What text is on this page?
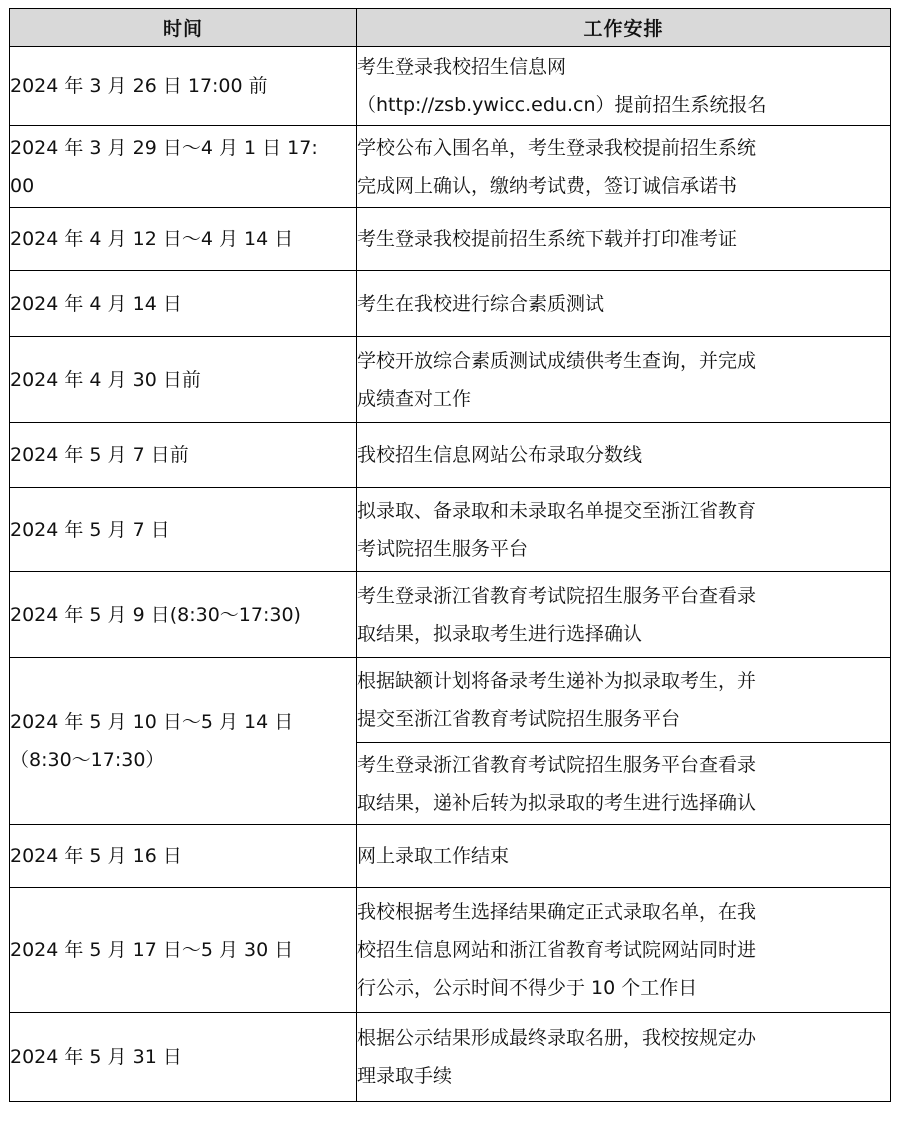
时间	工作安排

2024 年 3 月 26 日 17:00 前	考生登录我校招生信息网
（http://zsb.ywicc.edu.cn）提前招生系统报名

2024 年 3 月 29 日～4 月 1 日 17:
00	学校公布入围名单，考生登录我校提前招生系统
完成网上确认，缴纳考试费，签订诚信承诺书

2024 年 4 月 12 日～4 月 14 日	考生登录我校提前招生系统下载并打印准考证

2024 年 4 月 14 日	考生在我校进行综合素质测试

2024 年 4 月 30 日前	学校开放综合素质测试成绩供考生查询，并完成
成绩查对工作

2024 年 5 月 7 日前	我校招生信息网站公布录取分数线

2024 年 5 月 7 日	拟录取、备录取和未录取名单提交至浙江省教育
考试院招生服务平台

2024 年 5 月 9 日(8:30～17:30)	考生登录浙江省教育考试院招生服务平台查看录
取结果，拟录取考生进行选择确认

2024 年 5 月 10 日～5 月 14 日
（8:30～17:30）	根据缺额计划将备录考生递补为拟录取考生，并
提交至浙江省教育考试院招生服务平台

	考生登录浙江省教育考试院招生服务平台查看录
取结果，递补后转为拟录取的考生进行选择确认

2024 年 5 月 16 日	网上录取工作结束

2024 年 5 月 17 日～5 月 30 日	我校根据考生选择结果确定正式录取名单，在我
校招生信息网站和浙江省教育考试院网站同时进
行公示，公示时间不得少于 10 个工作日

2024 年 5 月 31 日	根据公示结果形成最终录取名册，我校按规定办
理录取手续
